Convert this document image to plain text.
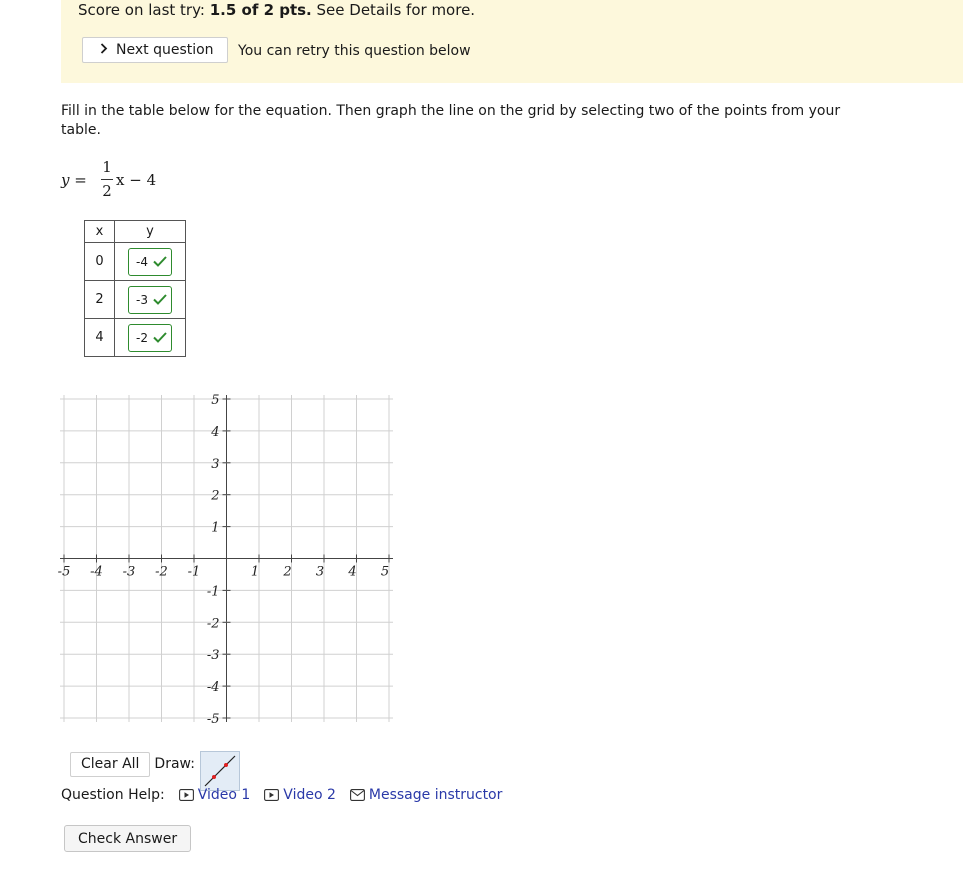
Score on last try: 1.5 of 2 pts. See Details for more.
Next question You can retry this question below
Fill in the table below for the equation. Then graph the line on the grid by selecting two of the points from your table.
y =
1
2
x − 4
x	y
0	-4

2	-3

4	-2
-5 -4 -3 -2 -1	1 2 3 4 5
5
4
3
2
1
-1
-2
-3
-4
-5
Clear All	Draw:
Question Help: Video 1 Video 2 Message instructor
Check Answer
